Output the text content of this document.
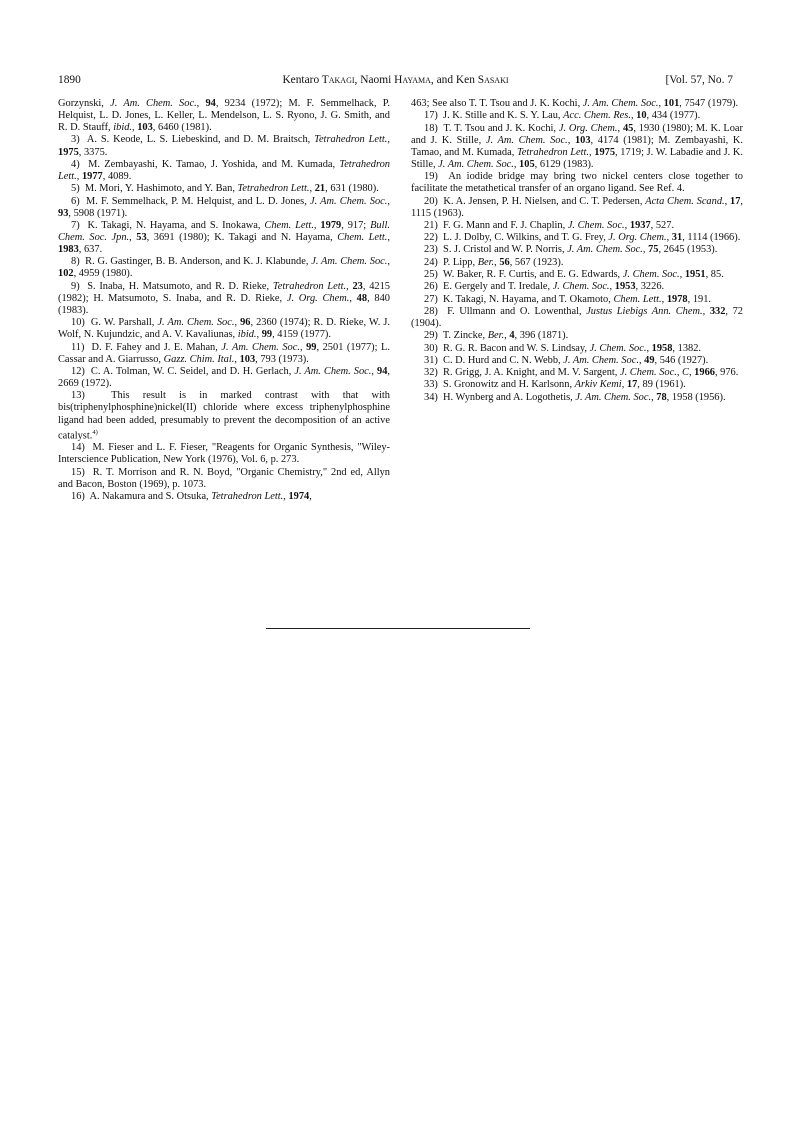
1890	Kentaro Takagi, Naomi Hayama, and Ken Sasaki	[Vol. 57, No. 7

Gorzynski, J. Am. Chem. Soc., 94, 9234 (1972); M. F. Semmelhack, P. Helquist, L. D. Jones, L. Keller, L. Mendelson, L. S. Ryono, J. G. Smith, and R. D. Stauff, ibid., 103, 6460 (1981).

3)  A. S. Keode, L. S. Liebeskind, and D. M. Braitsch, Tetrahedron Lett., 1975, 3375.

4)  M. Zembayashi, K. Tamao, J. Yoshida, and M. Kumada, Tetrahedron Lett., 1977, 4089.

5)  M. Mori, Y. Hashimoto, and Y. Ban, Tetrahedron Lett., 21, 631 (1980).

6)  M. F. Semmelhack, P. M. Helquist, and L. D. Jones, J. Am. Chem. Soc., 93, 5908 (1971).

7)  K. Takagi, N. Hayama, and S. Inokawa, Chem. Lett., 1979, 917; Bull. Chem. Soc. Jpn., 53, 3691 (1980); K. Takagi and N. Hayama, Chem. Lett., 1983, 637.

8)  R. G. Gastinger, B. B. Anderson, and K. J. Klabunde, J. Am. Chem. Soc., 102, 4959 (1980).

9)  S. Inaba, H. Matsumoto, and R. D. Rieke, Tetrahedron Lett., 23, 4215 (1982); H. Matsumoto, S. Inaba, and R. D. Rieke, J. Org. Chem., 48, 840 (1983).

10)  G. W. Parshall, J. Am. Chem. Soc., 96, 2360 (1974); R. D. Rieke, W. J. Wolf, N. Kujundzic, and A. V. Kavaliunas, ibid., 99, 4159 (1977).

11)  D. F. Fahey and J. E. Mahan, J. Am. Chem. Soc., 99, 2501 (1977); L. Cassar and A. Giarrusso, Gazz. Chim. Ital., 103, 793 (1973).

12)  C. A. Tolman, W. C. Seidel, and D. H. Gerlach, J. Am. Chem. Soc., 94, 2669 (1972).

13)  This result is in marked contrast with that with bis(triphenylphosphine)nickel(II) chloride where excess triphenylphosphine ligand had been added, presumably to prevent the decomposition of an active catalyst.$^{4)}$

14)  M. Fieser and L. F. Fieser, "Reagents for Organic Synthesis, "Wiley-Interscience Publication, New York (1976), Vol. 6, p. 273.

15)  R. T. Morrison and R. N. Boyd, "Organic Chemistry," 2nd ed, Allyn and Bacon, Boston (1969), p. 1073.

16)  A. Nakamura and S. Otsuka, Tetrahedron Lett., 1974,

463; See also T. T. Tsou and J. K. Kochi, J. Am. Chem. Soc., 101, 7547 (1979).

17)  J. K. Stille and K. S. Y. Lau, Acc. Chem. Res., 10, 434 (1977).

18)  T. T. Tsou and J. K. Kochi, J. Org. Chem., 45, 1930 (1980); M. K. Loar and J. K. Stille, J. Am. Chem. Soc., 103, 4174 (1981); M. Zembayashi, K. Tamao, and M. Kumada, Tetrahedron Lett., 1975, 1719; J. W. Labadie and J. K. Stille, J. Am. Chem. Soc., 105, 6129 (1983).

19)  An iodide bridge may bring two nickel centers close together to facilitate the metathetical transfer of an organo ligand. See Ref. 4.

20)  K. A. Jensen, P. H. Nielsen, and C. T. Pedersen, Acta Chem. Scand., 17, 1115 (1963).

21)  F. G. Mann and F. J. Chaplin, J. Chem. Soc., 1937, 527.

22)  L. J. Dolby, C. Wilkins, and T. G. Frey, J. Org. Chem., 31, 1114 (1966).

23)  S. J. Cristol and W. P. Norris, J. Am. Chem. Soc., 75, 2645 (1953).

24)  P. Lipp, Ber., 56, 567 (1923).

25)  W. Baker, R. F. Curtis, and E. G. Edwards, J. Chem. Soc., 1951, 85.

26)  E. Gergely and T. Iredale, J. Chem. Soc., 1953, 3226.

27)  K. Takagi, N. Hayama, and T. Okamoto, Chem. Lett., 1978, 191.

28)  F. Ullmann and O. Lowenthal, Justus Liebigs Ann. Chem., 332, 72 (1904).

29)  T. Zincke, Ber., 4, 396 (1871).

30)  R. G. R. Bacon and W. S. Lindsay, J. Chem. Soc., 1958, 1382.

31)  C. D. Hurd and C. N. Webb, J. Am. Chem. Soc., 49, 546 (1927).

32)  R. Grigg, J. A. Knight, and M. V. Sargent, J. Chem. Soc., C, 1966, 976.

33)  S. Gronowitz and H. Karlsonn, Arkiv Kemi, 17, 89 (1961).

34)  H. Wynberg and A. Logothetis, J. Am. Chem. Soc., 78, 1958 (1956).
